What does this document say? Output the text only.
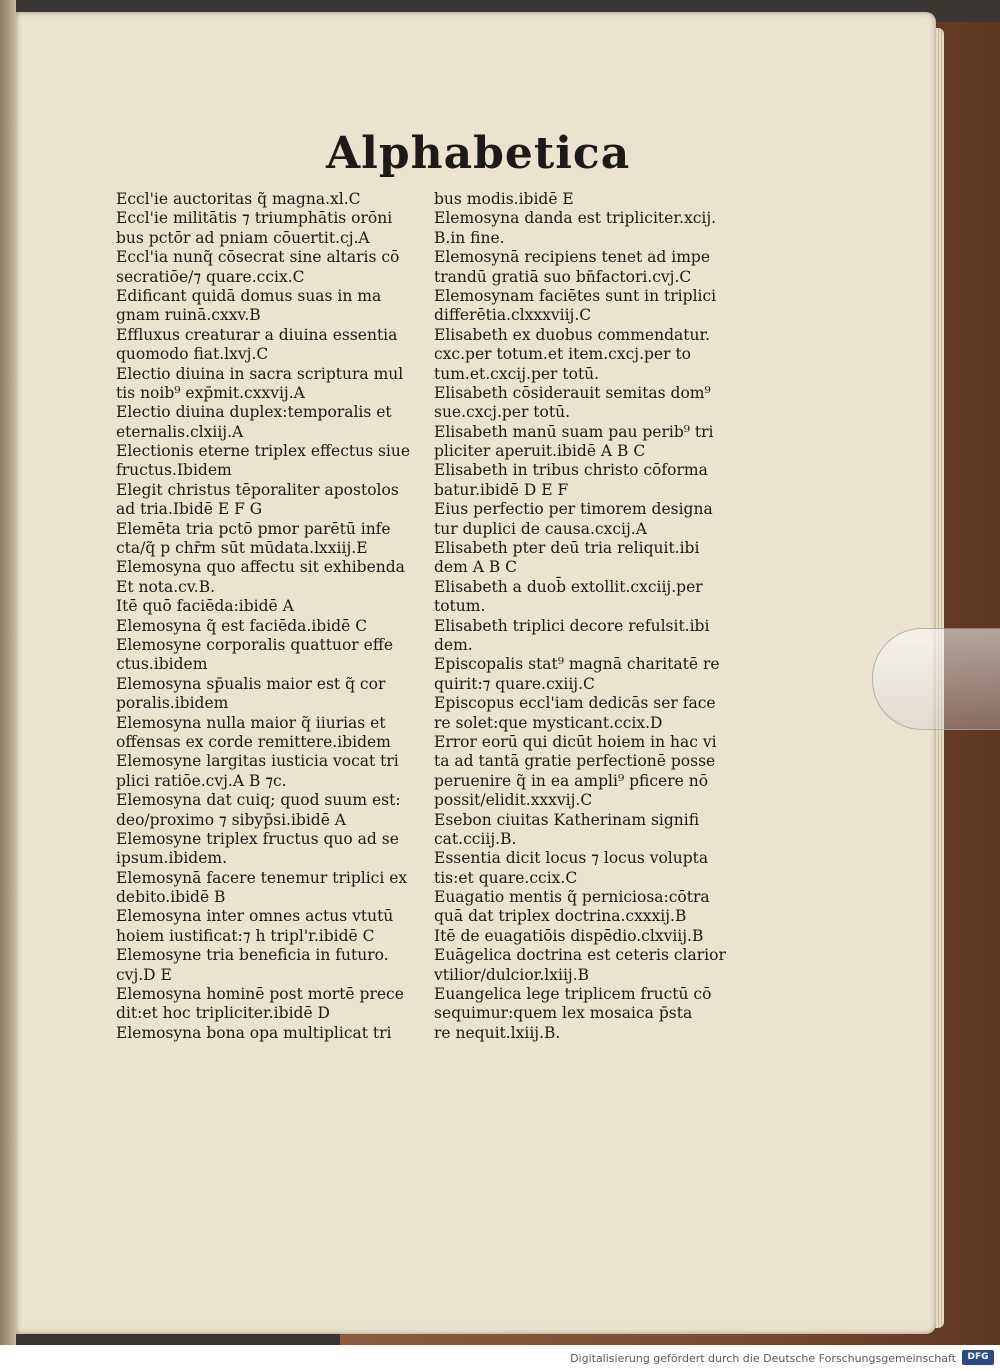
Alphabetica
Eccl'ie auctoritas q̃ magna.xl.C
Eccl'ie militātis ⁊ triumphātis orōni
bus pctōr ad pniam cōuertit.cj.A
Eccl'ia nunq̃ cōsecrat sine altaris cō
secratiōe/⁊ quare.ccix.C
Edificant quidā domus suas in ma
gnam ruinā.cxxv.B
Effluxus creaturar a diuina essentia
quomodo fiat.lxvj.C
Electio diuina in sacra scriptura mul
tis noib⁹ exp̄mit.cxxvij.A
Electio diuina duplex:temporalis et
eternalis.clxiij.A
Electionis eterne triplex effectus siue
fructus.Ibidem
Elegit christus tēporaliter apostolos
ad tria.Ibidē E F G
Elemēta tria pctō pmor parētū infe
cta/q̃ p chr̄m sūt mūdata.lxxiij.E
Elemosyna quo affectu sit exhibenda
Et nota.cv.B.
Itē quō faciēda:ibidē A
Elemosyna q̃ est faciēda.ibidē C
Elemosyne corporalis quattuor effe
ctus.ibidem
Elemosyna sp̄ualis maior est q̃ cor
poralis.ibidem
Elemosyna nulla maior q̃ iiurias et
offensas ex corde remittere.ibidem
Elemosyne largitas iusticia vocat tri
plici ratiōe.cvj.A B ⁊c.
Elemosyna dat cuiq; quod suum est:
deo/proximo ⁊ sibyp̄si.ibidē A
Elemosyne triplex fructus quo ad se
ipsum.ibidem.
Elemosynā facere tenemur triplici ex
debito.ibidē B
Elemosyna inter omnes actus vtutū
hoiem iustificat:⁊ h tripl'r.ibidē C
Elemosyne tria beneficia in futuro.
cvj.D E
Elemosyna hominē post mortē prece
dit:et hoc tripliciter.ibidē D
Elemosyna bona opa multiplicat tri
bus modis.ibidē E
Elemosyna danda est tripliciter.xcij.
B.in fine.
Elemosynā recipiens tenet ad impe
trandū gratiā suo bn̄factori.cvj.C
Elemosynam faciētes sunt in triplici
differētia.clxxxviij.C
Elisabeth ex duobus commendatur.
cxc.per totum.et item.cxcj.per to
tum.et.cxcij.per totū.
Elisabeth cōsiderauit semitas dom⁹
sue.cxcj.per totū.
Elisabeth manū suam pau perib⁹ tri
pliciter aperuit.ibidē A B C
Elisabeth in tribus christo cōforma
batur.ibidē D E F
Eius perfectio per timorem designa
tur duplici de causa.cxcij.A
Elisabeth pter deū tria reliquit.ibi
dem A B C
Elisabeth a duob̄ extollit.cxciij.per
totum.
Elisabeth triplici decore refulsit.ibi
dem.
Episcopalis stat⁹ magnā charitatē re
quirit:⁊ quare.cxiij.C
Episcopus eccl'iam dedicās ser face
re solet:que mysticant.ccix.D
Error eorū qui dicūt hoiem in hac vi
ta ad tantā gratie perfectionē posse
peruenire q̃ in ea ampli⁹ pficere nō
possit/elidit.xxxvij.C
Esebon ciuitas Katherinam signifi
cat.cciij.B.
Essentia dicit locus ⁊ locus volupta
tis:et quare.ccix.C
Euagatio mentis q̃ perniciosa:cōtra
quā dat triplex doctrina.cxxxij.B
Itē de euagatiōis dispēdio.clxviij.B
Euāgelica doctrina est ceteris clarior
vtilior/dulcior.lxiij.B
Euangelica lege triplicem fructū cō
sequimur:quem lex mosaica p̄sta
re nequit.lxiij.B.
Digitalisierung gefördert durch die Deutsche Forschungsgemeinschaft	DFG
